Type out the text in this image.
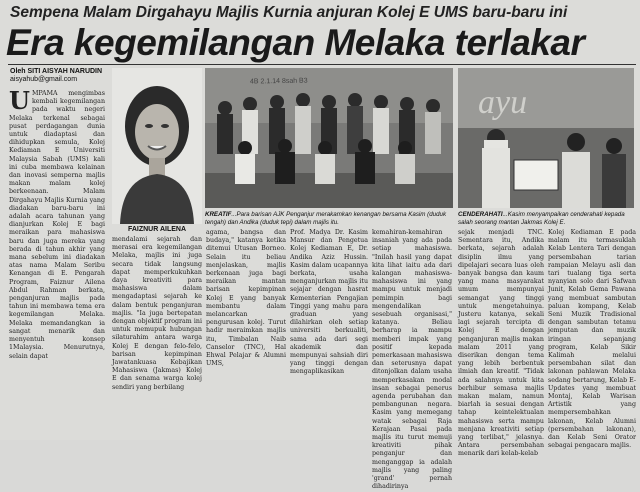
Sempena Malam Dirgahayu Majlis Kurnia anjuran Kolej E UMS baru-baru ini
Era kegemilangan Melaka terlakar
Oleh SITI AISYAH NARUDIN
aisyahub@gmail.com
FAIZNUR AILENA
4B 2.1.14 8sah B3
ayu
KREATIF...Para barisan AJK Penganjur merakamkan kenangan bersama Kasim (duduk tengah) dan Andika (duduk tepi) dalam majlis itu.
CENDERAHATI...Kasim menyampaikan cenderahati kepada salah seorang mantan Jakmas Kolej E.
UMPAMA mengimbas kembali kegemilangan pada waktu negeri Melaka terkenal sebagai pusat perdagangan dunia untuk diadaptasi dan dihidupkan semula, Kolej Kediaman E Universiti Malaysia Sabah (UMS) kali ini cuba membawa kelainan dan inovasi semperna majlis makan malam kolej berkeenaan. Malam Dirgahayu Majlis Kurnia yang diadakan baru-baru ini adalah acara tahunan yang dianjurkan Kolej E bagi meraikan para mahasiswa baru dan juga mereka yang berada di tahun akhir yang mana sebelum ini diadakan atas nama Malam Seribu Kenangan di E. Pengarah Program, Faiznur Ailena Abdul Rahman berkata, penganjuran majlis pada tahun ini membawa tema era kegemilangan Melaka. Melaka memandangkan ia sangat menarik dan menyentuh konsep 1Malaysia. Menurutnya, selain dapat
mendalami sejarah dan merasai era kegemilangan Melaka, majlis ini juga secara tidak langsung dapat memperkukuhkan daya kreativiti para mahasiswa dalam mengadaptasi sejarah ke dalam bentuk penganjuran majlis. "Ia juga bertepatan dengan objektif program ini untuk memupuk hubungan silaturahim antara warga Kolej E dengan felo-felo, barisan kepimpinan Jawatankuasa Kebajikan Mahasiswa (Jakmas) Kolej E dan senama warga kolej sendiri yang berbilang
agama, bangsa dan budaya," katanya ketika ditemui Utusan Borneo. Selain itu beliau menjelaskan, majlis berkenaan juga bagi meraikan mantan barisan kepimpinan Kolej E yang banyak membantu dalam melancarkan pengurusan kolej. Turut hadir meraimkan majlis itu, Timbalan Naib Canselor (TNC), Hal Ehwal Pelajar & Alumni UMS,
Prof. Madya Dr. Kasim Mansur dan Pengetua Kolej Kediaman E, Dr. Andika Aziz Hussin. Kasim dalam ucapannya berkata, usaha menganjurkan majlis itu sejajar dengan hasrat Kementerian Pengajian Tinggi yang mahu para graduan yang dilahirkan oleh setiap universiti berkualiti, sama ada dari segi akademik dan mempunyai sahsiah diri yang tinggi dengan mengaplikasikan
kemahiran-kemahiran insaniah yang ada pada setiap mahasiswa. "Inilah hasil yang dapat kita lihat iaitu ada dari kalangan mahasiswa-mahasiswa ini yang mampu untuk menjadi pemimpin bagi mengendalikan sesebuah organisasi," katanya. Beliau berharap ia mampu memberi impak yang positif kepada pemerkasaan mahasiswa dan seterusnya dapat ditonjolkan dalam usaha memperkasakan modal insan sebagai penerus agenda perubahan dan pembangunan negara. Kasim yang memegang watak sebagai Raja Kerajaan Pasai pada majlis itu turut memuji kreativiti pihak penganjur dan menganggap ia adalah majlis yang paling 'grand' pernah dihadirinya
sejak menjadi TNC. Sementara itu, Andika berkata, sejarah adalah disiplin ilmu yang dipelajari secara luas oleh banyak bangsa dan kaum yang mana masyarakat umum mempunyai semangat yang tinggi untuk mengetahuinya. Justeru katanya, sekali lagi sejarah tercipta di Kolej E dengan penganjuran majlis makan malam 2011 yang diserikan dengan tema yang lebih berbentuk ilmiah dan kreatif. "Tidak ada salahnya untuk kita berhibur semasa majlis makan malam, namun biarlah ia sesuai dengan tahap keintelektualan mahasiswa serta mampu menjana kreativiti setiap yang terlibat," jelasnya. Antara persembahan menarik dari kelab-kelab
Kolej Kediaman E pada malam itu termasuklah Kelab Lentera Tari dengan persembahan tarian rampaian Melayu asli dan tari tualang tiga serta nyanyian solo dari Safwan Junit, Kelab Gema Pawana yang membuat sambutan paluan kompang, Kelab Seni Muzik Tradisional dengan sambutan tetamu jemputan dan muzik iringan sepanjang program, Kelab Sikir Kalimah melalui persembahan silat dan lakonan pahlawan Melaka sedang bertarung, Kelab E-Updates yang membuat Montaj, Kelab Warisan Artistik yang mempersembahkan lakonan, Kelab Alumni (persembahan lakonan), dan Kelab Seni Orator sebagai pengacara majlis.
